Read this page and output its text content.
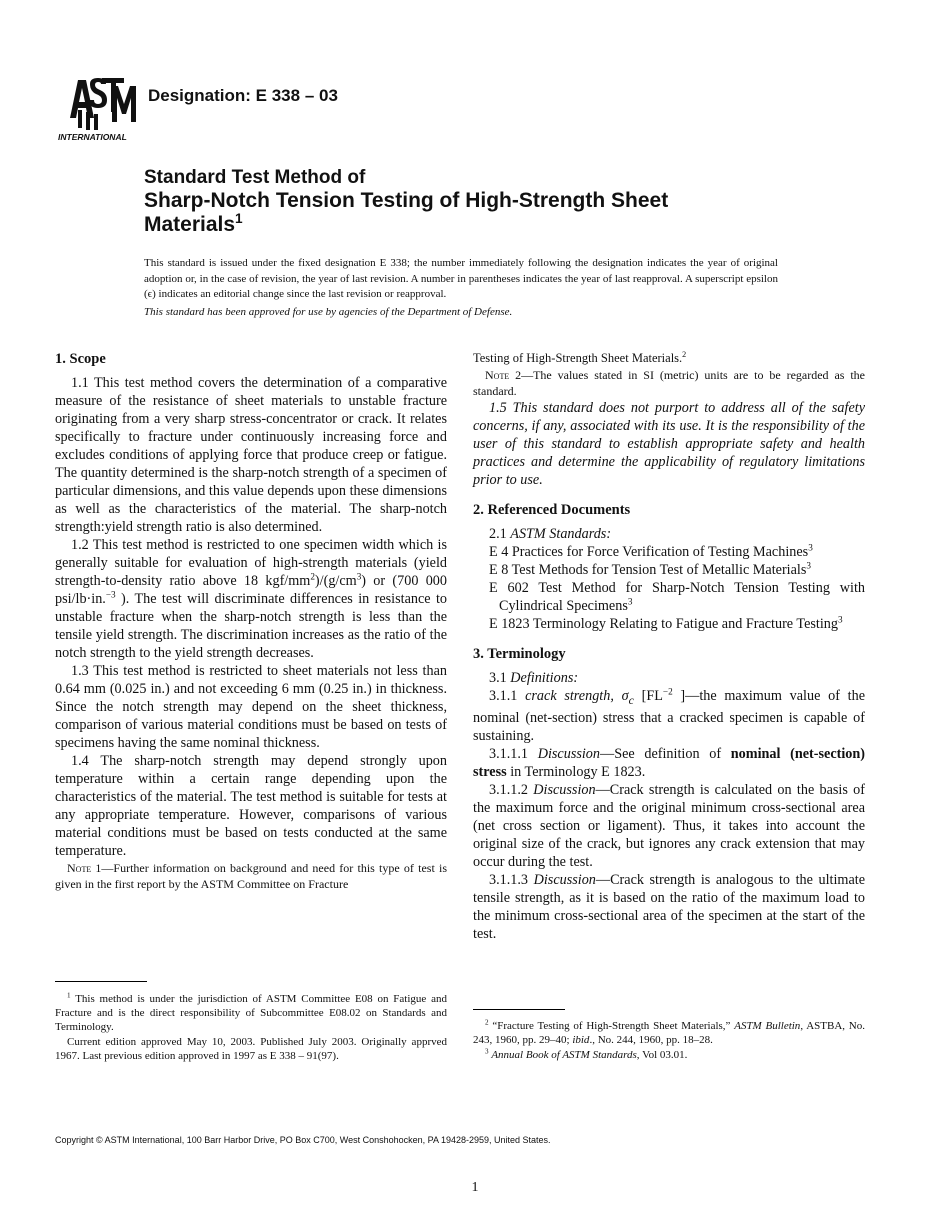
INTERNATIONAL
Designation: E 338 – 03
Standard Test Method of
Sharp-Notch Tension Testing of High-Strength Sheet
Materials$^1$
This standard is issued under the fixed designation E 338; the number immediately following the designation indicates the year of original adoption or, in the case of revision, the year of last revision. A number in parentheses indicates the year of last reapproval. A superscript epsilon (ϵ) indicates an editorial change since the last revision or reapproval.
This standard has been approved for use by agencies of the Department of Defense.
1. Scope

1.1 This test method covers the determination of a comparative measure of the resistance of sheet materials to unstable fracture originating from a very sharp stress-concentrator or crack. It relates specifically to fracture under continuously increasing force and excludes conditions of applying force that produce creep or fatigue. The quantity determined is the sharp-notch strength of a specimen of particular dimensions, and this value depends upon these dimensions as well as the characteristics of the material. The sharp-notch strength:yield strength ratio is also determined.

1.2 This test method is restricted to one specimen width which is generally suitable for evaluation of high-strength materials (yield strength-to-density ratio above 18 kgf/$mm^2)/(g/cm^3)$ or (700 000 psi/lb·in.$^{-3}$ ). The test will discriminate differences in resistance to unstable fracture when the sharp-notch strength is less than the tensile yield strength. The discrimination increases as the ratio of the notch strength to the yield strength decreases.

1.3 This test method is restricted to sheet materials not less than 0.64 mm (0.025 in.) and not exceeding 6 mm (0.25 in.) in thickness. Since the notch strength may depend on the sheet thickness, comparison of various material conditions must be based on tests of specimens having the same nominal thickness.

1.4 The sharp-notch strength may depend strongly upon temperature within a certain range depending upon the characteristics of the material. The test method is suitable for tests at any appropriate temperature. However, comparisons of various material conditions must be based on tests conducted at the same temperature.

Note 1—Further information on background and need for this type of test is given in the first report by the ASTM Committee on Fracture

$^1$ This method is under the jurisdiction of ASTM Committee E08 on Fatigue and Fracture and is the direct responsibility of Subcommittee E08.02 on Standards and Terminology.

Current edition approved May 10, 2003. Published July 2003. Originally apprved 1967. Last previous edition approved in 1997 as E 338 – 91(97).

Testing of High-Strength Sheet Materials.$^2$

Note 2—The values stated in SI (metric) units are to be regarded as the standard.

1.5 This standard does not purport to address all of the safety concerns, if any, associated with its use. It is the responsibility of the user of this standard to establish appropriate safety and health practices and determine the applicability of regulatory limitations prior to use.

2. Referenced Documents

2.1 ASTM Standards:

E 4 Practices for Force Verification of Testing Machines$^3$

E 8 Test Methods for Tension Test of Metallic Materials$^3$

E 602 Test Method for Sharp-Notch Tension Testing with Cylindrical Specimens$^3$

E 1823 Terminology Relating to Fatigue and Fracture Testing$^3$

3. Terminology

3.1 Definitions:

3.1.1 crack strength, $\sigma_c$ [$FL^{-2}$ ]—the maximum value of the nominal (net-section) stress that a cracked specimen is capable of sustaining.

3.1.1.1 Discussion—See definition of nominal (net-section) stress in Terminology E 1823.

3.1.1.2 Discussion—Crack strength is calculated on the basis of the maximum force and the original minimum cross-sectional area (net cross section or ligament). Thus, it takes into account the original size of the crack, but ignores any crack extension that may occur during the test.

3.1.1.3 Discussion—Crack strength is analogous to the ultimate tensile strength, as it is based on the ratio of the maximum load to the minimum cross-sectional area of the specimen at the start of the test.

$^2$ “Fracture Testing of High-Strength Sheet Materials,” ASTM Bulletin, ASTBA, No. 243, 1960, pp. 29–40; ibid., No. 244, 1960, pp. 18–28.

$^3$ Annual Book of ASTM Standards, Vol 03.01.

Copyright © ASTM International, 100 Barr Harbor Drive, PO Box C700, West Conshohocken, PA 19428-2959, United States.
1
